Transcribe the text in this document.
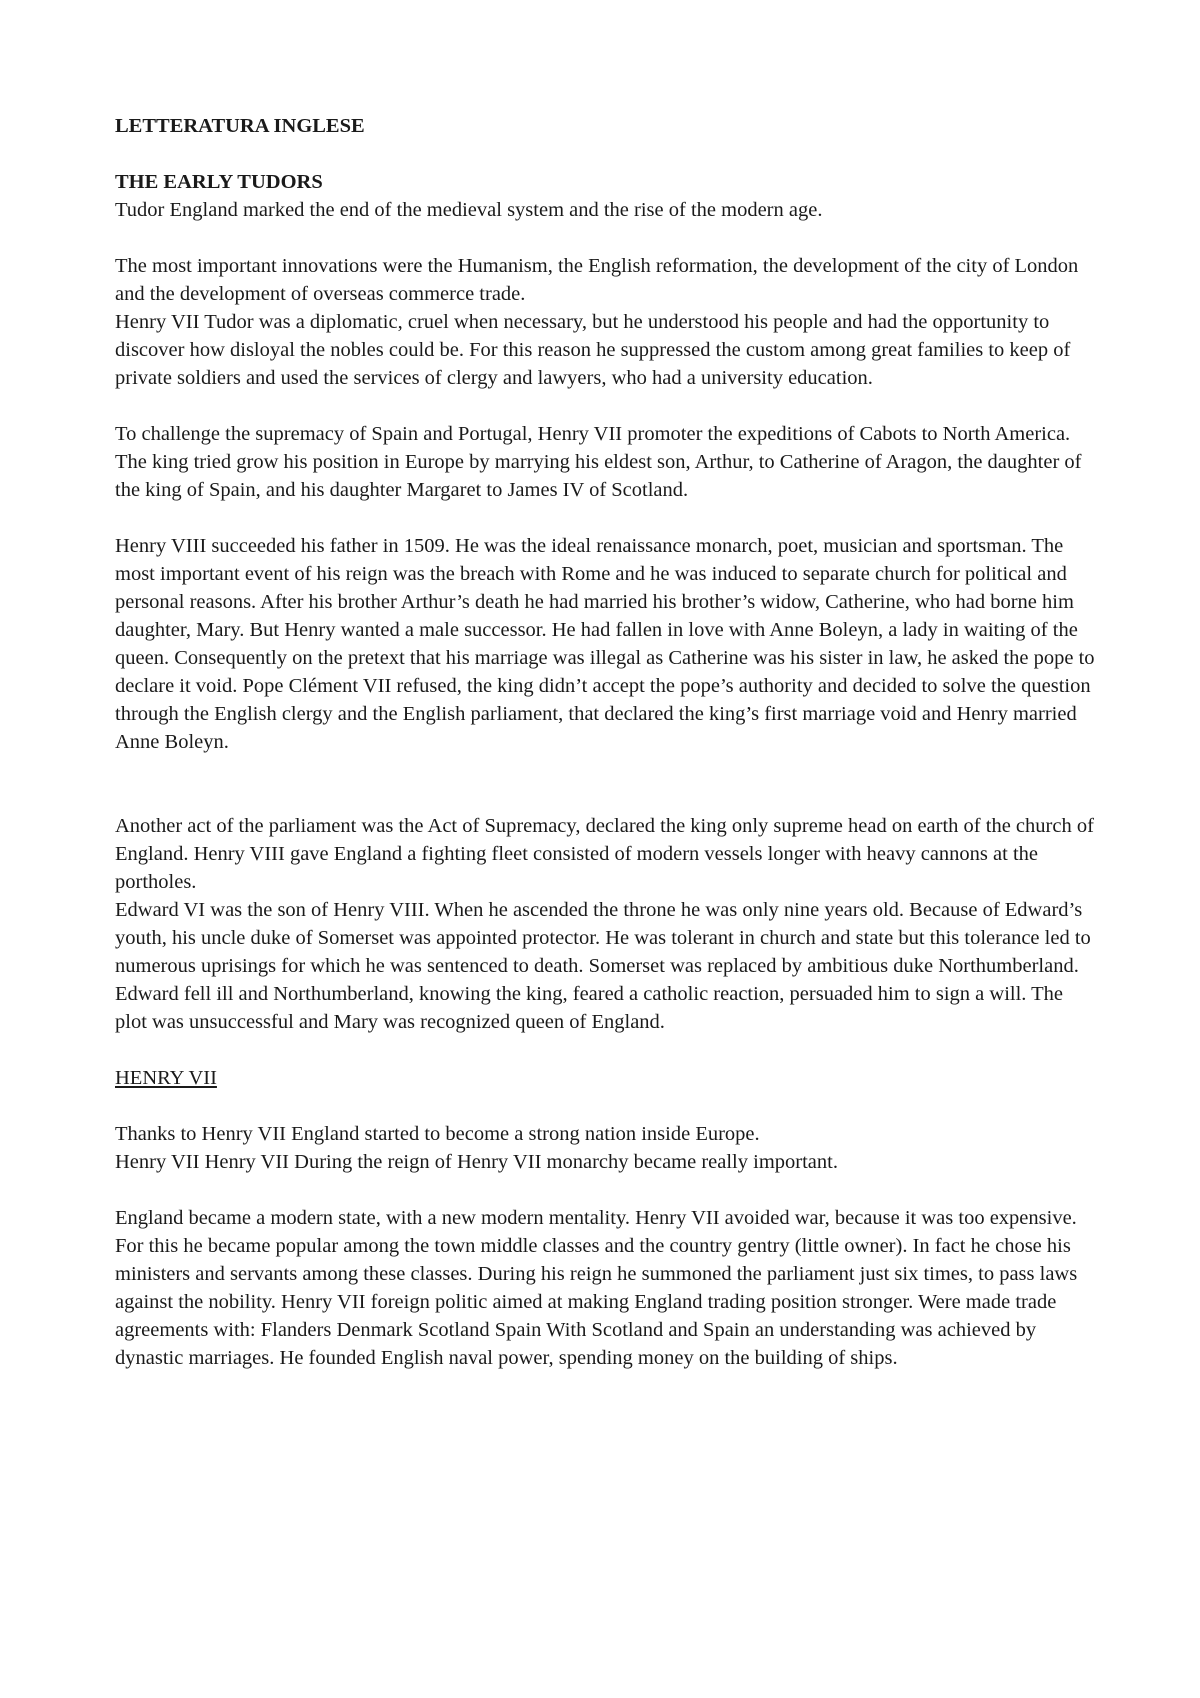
LETTERATURA INGLESE

THE EARLY TUDORS

Tudor England marked the end of the medieval system and the rise of the modern age.

The most important innovations were the Humanism, the English reformation, the development of the city of London and the development of overseas commerce trade.

Henry VII Tudor was a diplomatic, cruel when necessary, but he understood his people and had the opportunity to discover how disloyal the nobles could be. For this reason he suppressed the custom among great families to keep of private soldiers and used the services of clergy and lawyers, who had a university education.

To challenge the supremacy of Spain and Portugal, Henry VII promoter the expeditions of Cabots to North America. The king tried grow his position in Europe by marrying his eldest son, Arthur, to Catherine of Aragon, the daughter of the king of Spain, and his daughter Margaret to James IV of Scotland.

Henry VIII succeeded his father in 1509. He was the ideal renaissance monarch, poet, musician and sportsman. The most important event of his reign was the breach with Rome and he was induced to separate church for political and personal reasons. After his brother Arthur’s death he had married his brother’s widow, Catherine, who had borne him daughter, Mary. But Henry wanted a male successor. He had fallen in love with Anne Boleyn, a lady in waiting of the queen. Consequently on the pretext that his marriage was illegal as Catherine was his sister in law, he asked the pope to declare it void. Pope Clément VII refused, the king didn’t accept the pope’s authority and decided to solve the question through the English clergy and the English parliament, that declared the king’s first marriage void and Henry married Anne Boleyn.

Another act of the parliament was the Act of Supremacy, declared the king only supreme head on earth of the church of England. Henry VIII gave England a fighting fleet consisted of modern vessels longer with heavy cannons at the portholes.

Edward VI was the son of Henry VIII. When he ascended the throne he was only nine years old. Because of Edward’s youth, his uncle duke of Somerset was appointed protector. He was tolerant in church and state but this tolerance led to numerous uprisings for which he was sentenced to death. Somerset was replaced by ambitious duke Northumberland. Edward fell ill and Northumberland, knowing the king, feared a catholic reaction, persuaded him to sign a will. The plot was unsuccessful and Mary was recognized queen of England.

HENRY VII

Thanks to Henry VII England started to become a strong nation inside Europe.

Henry VII Henry VII During the reign of Henry VII monarchy became really important.

England became a modern state, with a new modern mentality. Henry VII avoided war, because it was too expensive. For this he became popular among the town middle classes and the country gentry (little owner). In fact he chose his ministers and servants among these classes. During his reign he summoned the parliament just six times, to pass laws against the nobility. Henry VII foreign politic aimed at making England trading position stronger. Were made trade agreements with: Flanders Denmark Scotland Spain With Scotland and Spain an understanding was achieved by dynastic marriages. He founded English naval power, spending money on the building of ships.
